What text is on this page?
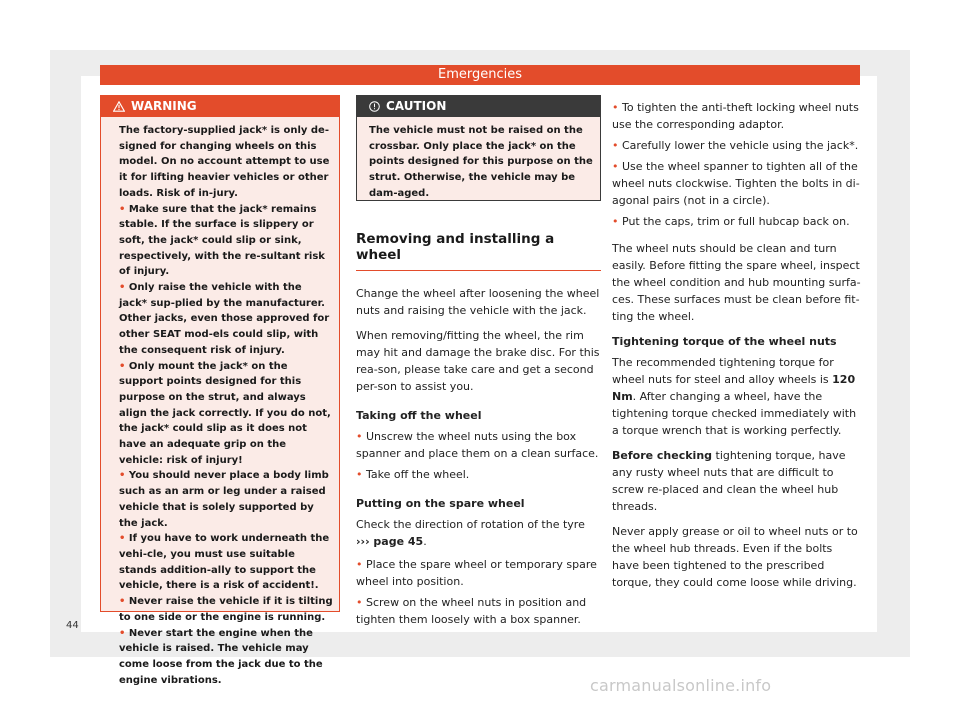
Emergencies
WARNING

The factory-supplied jack* is only de-signed for changing wheels on this model. On no account attempt to use it for lifting heavier vehicles or other loads. Risk of in-jury.

• Make sure that the jack* remains stable. If the surface is slippery or soft, the jack* could slip or sink, respectively, with the re-sultant risk of injury.

• Only raise the vehicle with the jack* sup-plied by the manufacturer. Other jacks, even those approved for other SEAT mod-els could slip, with the consequent risk of injury.

• Only mount the jack* on the support points designed for this purpose on the strut, and always align the jack correctly. If you do not, the jack* could slip as it does not have an adequate grip on the vehicle: risk of injury!

• You should never place a body limb such as an arm or leg under a raised vehicle that is solely supported by the jack.

• If you have to work underneath the vehi-cle, you must use suitable stands addition-ally to support the vehicle, there is a risk of accident!.

• Never raise the vehicle if it is tilting to one side or the engine is running.

• Never start the engine when the vehicle is raised. The vehicle may come loose from the jack due to the engine vibrations.

CAUTION

The vehicle must not be raised on the crossbar. Only place the jack* on the points designed for this purpose on the strut. Otherwise, the vehicle may be dam-aged.

Removing and installing a wheel

Change the wheel after loosening the wheel nuts and raising the vehicle with the jack.

When removing/fitting the wheel, the rim may hit and damage the brake disc. For this rea-son, please take care and get a second per-son to assist you.

Taking off the wheel

• Unscrew the wheel nuts using the box spanner and place them on a clean surface.

• Take off the wheel.

Putting on the spare wheel

Check the direction of rotation of the tyre ››› page 45.

• Place the spare wheel or temporary spare wheel into position.

• Screw on the wheel nuts in position and tighten them loosely with a box spanner.

• To tighten the anti-theft locking wheel nuts use the corresponding adaptor.

• Carefully lower the vehicle using the jack*.

• Use the wheel spanner to tighten all of the wheel nuts clockwise. Tighten the bolts in di-agonal pairs (not in a circle).

• Put the caps, trim or full hubcap back on.

The wheel nuts should be clean and turn easily. Before fitting the spare wheel, inspect the wheel condition and hub mounting surfa-ces. These surfaces must be clean before fit-ting the wheel.

Tightening torque of the wheel nuts

The recommended tightening torque for wheel nuts for steel and alloy wheels is 120 Nm. After changing a wheel, have the tightening torque checked immediately with a torque wrench that is working perfectly.

Before checking tightening torque, have any rusty wheel nuts that are difficult to screw re-placed and clean the wheel hub threads.

Never apply grease or oil to wheel nuts or to the wheel hub threads. Even if the bolts have been tightened to the prescribed torque, they could come loose while driving.

44
carmanualsonline.info
